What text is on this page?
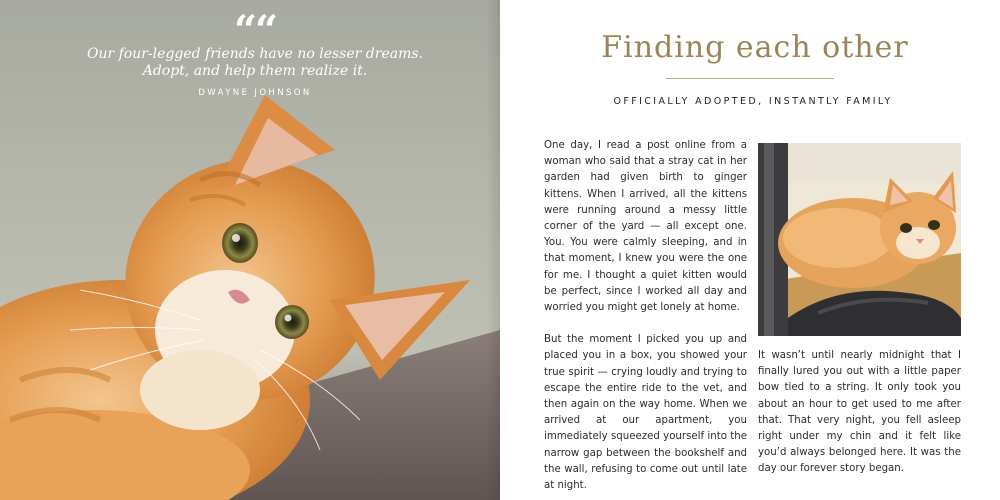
““
Our four-legged friends have no lesser dreams.
Adopt, and help them realize it.
DWAYNE JOHNSON
Finding each other
OFFICIALLY ADOPTED, INSTANTLY FAMILY

One day, I read a post online from a woman who said that a stray cat in her garden had given birth to ginger kittens. When I arrived, all the kittens were running around a messy little corner of the yard — all except one. You. You were calmly sleeping, and in that moment, I knew you were the one for me. I thought a quiet kitten would be perfect, since I worked all day and worried you might get lonely at home.

But the moment I picked you up and placed you in a box, you showed your true spirit — crying loudly and trying to escape the entire ride to the vet, and then again on the way home. When we arrived at our apartment, you immediately squeezed yourself into the narrow gap between the bookshelf and the wall, refusing to come out until late at night.

It wasn’t until nearly midnight that I finally lured you out with a little paper bow tied to a string. It only took you about an hour to get used to me after that. That very night, you fell asleep right under my chin and it felt like you’d always belonged here. It was the day our forever story began.
